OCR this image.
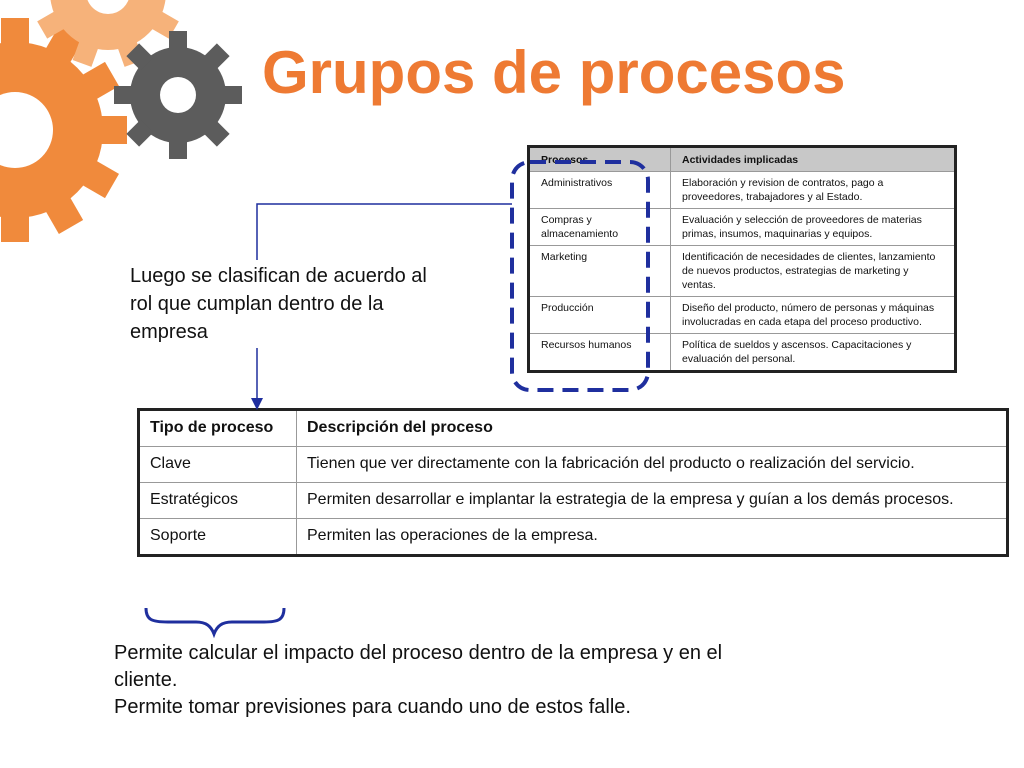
Grupos de procesos
Procesos	Actividades implicadas
Administrativos	Elaboración y revision de contratos, pago a proveedores, trabajadores y al Estado.
Compras y almacenamiento	Evaluación y selección de proveedores de materias primas, insumos, maquinarias y equipos.
Marketing	Identificación de necesidades de clientes, lanzamiento de nuevos productos, estrategias de marketing y ventas.
Producción	Diseño del producto, número de personas y máquinas involucradas en cada etapa del proceso productivo.
Recursos humanos	Política de sueldos y ascensos. Capacitaciones y evaluación del personal.
Luego se clasifican de acuerdo al rol que cumplan dentro de la empresa
Tipo de proceso	Descripción del proceso
Clave	Tienen que ver directamente con la fabricación del producto o realización del servicio.
Estratégicos	Permiten desarrollar e implantar la estrategia de la empresa y guían a los demás procesos.
Soporte	Permiten las operaciones de la empresa.
Permite calcular el impacto del proceso dentro de la empresa y en el cliente.
Permite tomar previsiones para cuando uno de estos falle.
